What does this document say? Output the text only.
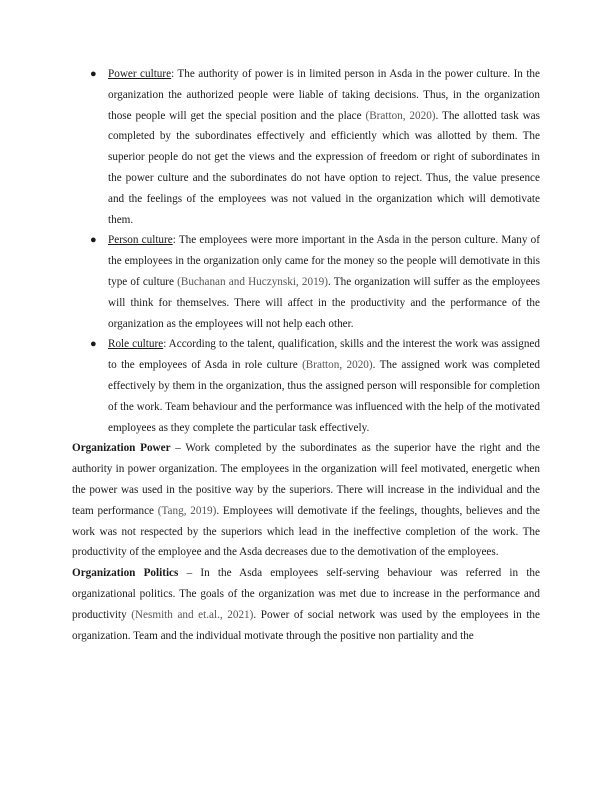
● Power culture: The authority of power is in limited person in Asda in the power culture. In the organization the authorized people were liable of taking decisions. Thus, in the organization those people will get the special position and the place (Bratton, 2020). The allotted task was completed by the subordinates effectively and efficiently which was allotted by them. The superior people do not get the views and the expression of freedom or right of subordinates in the power culture and the subordinates do not have option to reject. Thus, the value presence and the feelings of the employees was not valued in the organization which will demotivate them.
● Person culture: The employees were more important in the Asda in the person culture. Many of the employees in the organization only came for the money so the people will demotivate in this type of culture (Buchanan and Huczynski, 2019). The organization will suffer as the employees will think for themselves. There will affect in the productivity and the performance of the organization as the employees will not help each other.
● Role culture: According to the talent, qualification, skills and the interest the work was assigned to the employees of Asda in role culture (Bratton, 2020). The assigned work was completed effectively by them in the organization, thus the assigned person will responsible for completion of the work. Team behaviour and the performance was influenced with the help of the motivated employees as they complete the particular task effectively.

Organization Power – Work completed by the subordinates as the superior have the right and the authority in power organization. The employees in the organization will feel motivated, energetic when the power was used in the positive way by the superiors. There will increase in the individual and the team performance (Tang, 2019). Employees will demotivate if the feelings, thoughts, believes and the work was not respected by the superiors which lead in the ineffective completion of the work. The productivity of the employee and the Asda decreases due to the demotivation of the employees.

Organization Politics – In the Asda employees self-serving behaviour was referred in the organizational politics. The goals of the organization was met due to increase in the performance and productivity (Nesmith and et.al., 2021). Power of social network was used by the employees in the organization. Team and the individual motivate through the positive non partiality and the
